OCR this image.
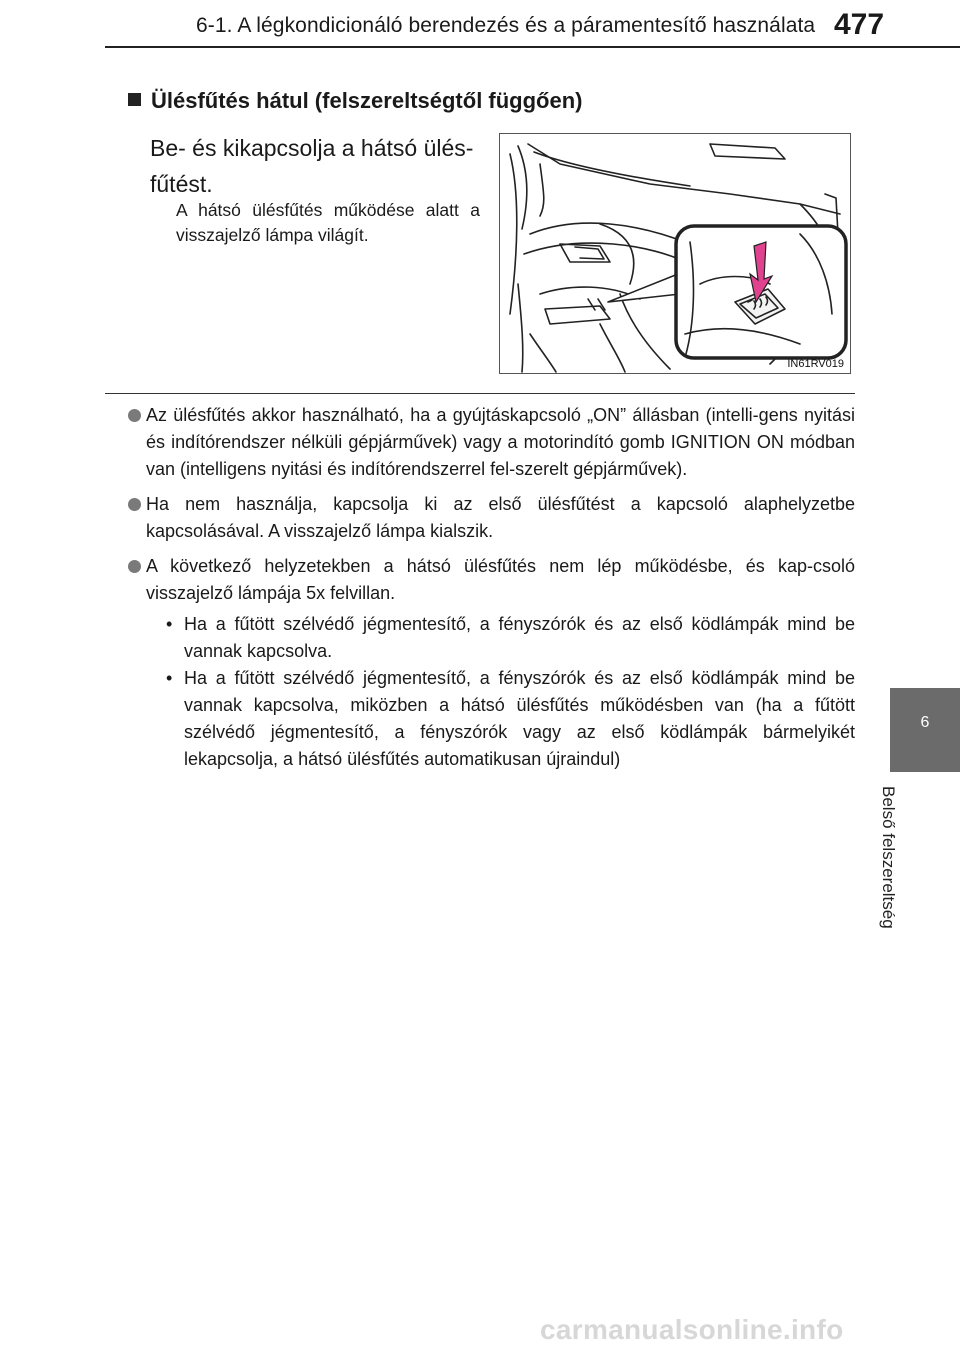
6-1. A légkondicionáló berendezés és a páramentesítő használata 477
Ülésfűtés hátul (felszereltségtől függően)
Be- és kikapcsolja a hátsó ülés-fűtést.
A hátsó ülésfűtés működése alatt a visszajelző lámpa világít.
IN61RV019
Az ülésfűtés akkor használható, ha a gyújtáskapcsoló „ON” állásban (intelli-gens nyitási és indítórendszer nélküli gépjárművek) vagy a motorindító gomb IGNITION ON módban van (intelligens nyitási és indítórendszerrel fel-szerelt gépjárművek).
Ha nem használja, kapcsolja ki az első ülésfűtést a kapcsoló alaphelyzetbe kapcsolásával. A visszajelző lámpa kialszik.
A következő helyzetekben a hátsó ülésfűtés nem lép működésbe, és kap-csoló visszajelző lámpája 5x felvillan.
• Ha a fűtött szélvédő jégmentesítő, a fényszórók és az első ködlámpák mind be vannak kapcsolva.
• Ha a fűtött szélvédő jégmentesítő, a fényszórók és az első ködlámpák mind be vannak kapcsolva, miközben a hátsó ülésfűtés működésben van (ha a fűtött szélvédő jégmentesítő, a fényszórók vagy az első ködlámpák bármelyikét lekapcsolja, a hátsó ülésfűtés automatikusan újraindul)
6
Belső felszereltség
carmanualsonline.info
